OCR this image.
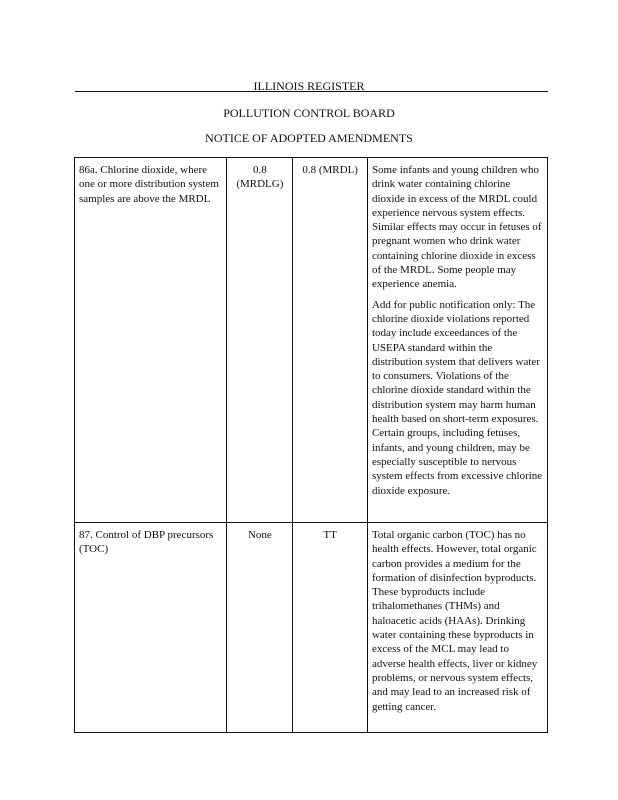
ILLINOIS REGISTER
POLLUTION CONTROL BOARD
NOTICE OF ADOPTED AMENDMENTS
86a. Chlorine dioxide, where one or more distribution system samples are above the MRDL	0.8 (MRDLG)	0.8 (MRDL)	Some infants and young children who drink water containing chlorine dioxide in excess of the MRDL could experience nervous system effects. Similar effects may occur in fetuses of pregnant women who drink water containing chlorine dioxide in excess of the MRDL. Some people may experience anemia.

Add for public notification only: The chlorine dioxide violations reported today include exceedances of the USEPA standard within the distribution system that delivers water to consumers. Violations of the chlorine dioxide standard within the distribution system may harm human health based on short-term exposures. Certain groups, including fetuses, infants, and young children, may be especially susceptible to nervous system effects from excessive chlorine dioxide exposure.

87. Control of DBP precursors (TOC)	None	TT	Total organic carbon (TOC) has no health effects. However, total organic carbon provides a medium for the formation of disinfection byproducts. These byproducts include trihalomethanes (THMs) and haloacetic acids (HAAs). Drinking water containing these byproducts in excess of the MCL may lead to adverse health effects, liver or kidney problems, or nervous system effects, and may lead to an increased risk of getting cancer.
